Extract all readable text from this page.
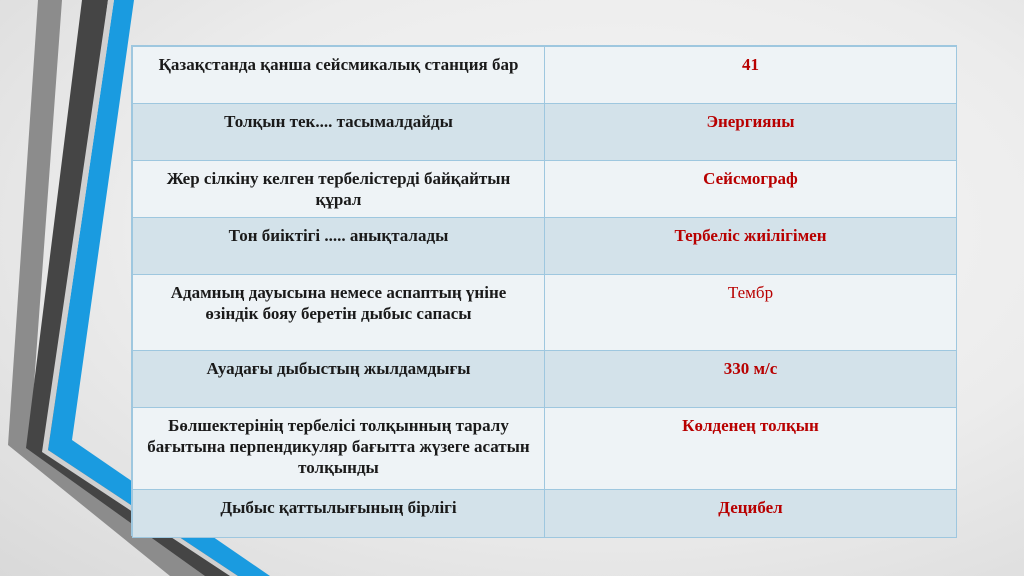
Қазақстанда қанша сейсмикалық станция бар	41
Толқын тек.... тасымалдайды	Энергияны
Жер сілкіну келген тербелістерді байқайтын құрал	Сейсмограф
Тон биіктігі ..... анықталады	Тербеліс жиілігімен
Адамның дауысына немесе аспаптың үніне өзіндік бояу беретін дыбыс сапасы	Тембр
Ауадағы дыбыстың жылдамдығы	330 м/с
Бөлшектерінің тербелісі толқынның таралу бағытына перпендикуляр бағытта жүзеге асатын толқынды	Көлденең толқын
Дыбыс қаттылығының бірлігі	Децибел
